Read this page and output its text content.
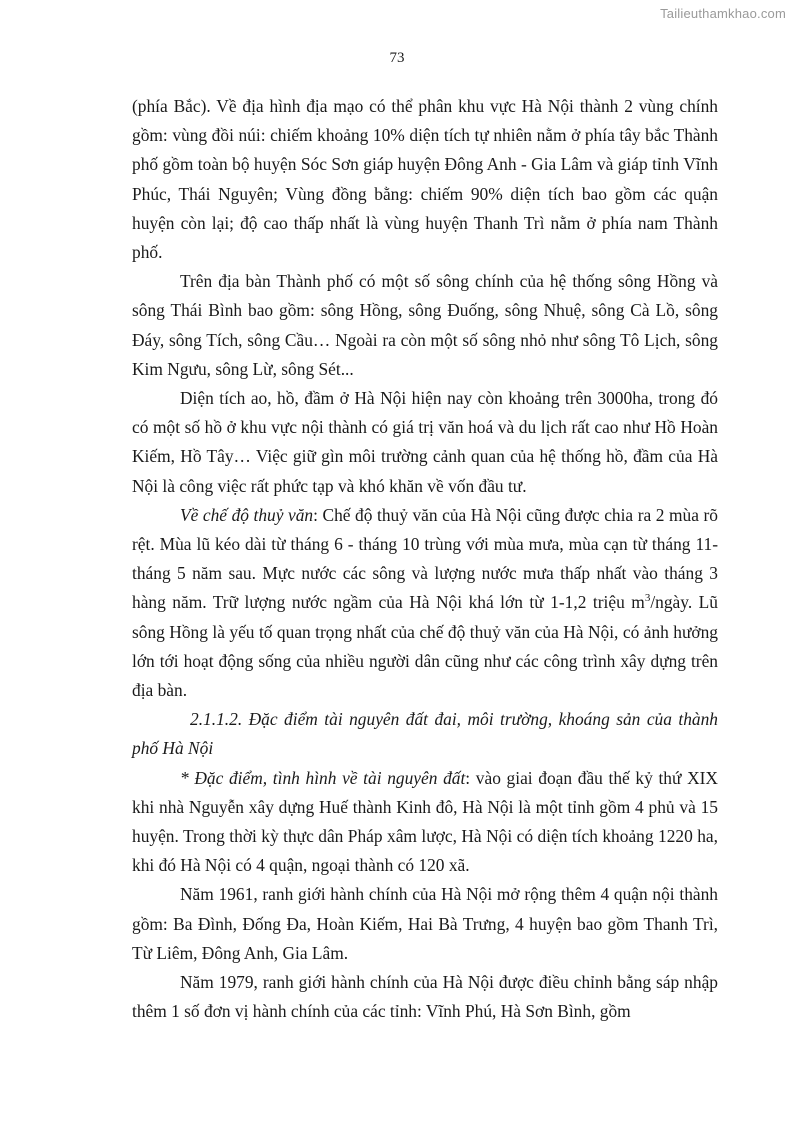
Tailieuthamkhao.com
73

(phía Bắc). Về địa hình địa mạo có thể phân khu vực Hà Nội thành 2 vùng chính gồm: vùng đồi núi: chiếm khoảng 10% diện tích tự nhiên nằm ở phía tây bắc Thành phố gồm toàn bộ huyện Sóc Sơn giáp huyện Đông Anh - Gia Lâm và giáp tỉnh Vĩnh Phúc, Thái Nguyên; Vùng đồng bằng: chiếm 90% diện tích bao gồm các quận huyện còn lại; độ cao thấp nhất là vùng huyện Thanh Trì nằm ở phía nam Thành phố.

Trên địa bàn Thành phố có một số sông chính của hệ thống sông Hồng và sông Thái Bình bao gồm: sông Hồng, sông Đuống, sông Nhuệ, sông Cà Lồ, sông Đáy, sông Tích, sông Cầu… Ngoài ra còn một số sông nhỏ như sông Tô Lịch, sông Kim Ngưu, sông Lừ, sông Sét...

Diện tích ao, hồ, đầm ở Hà Nội hiện nay còn khoảng trên 3000ha, trong đó có một số hồ ở khu vực nội thành có giá trị văn hoá và du lịch rất cao như Hồ Hoàn Kiếm, Hồ Tây… Việc giữ gìn môi trường cảnh quan của hệ thống hồ, đầm của Hà Nội là công việc rất phức tạp và khó khăn về vốn đầu tư.

Về chế độ thuỷ văn: Chế độ thuỷ văn của Hà Nội cũng được chia ra 2 mùa rõ rệt. Mùa lũ kéo dài từ tháng 6 - tháng 10 trùng với mùa mưa, mùa cạn từ tháng 11- tháng 5 năm sau. Mực nước các sông và lượng nước mưa thấp nhất vào tháng 3 hàng năm. Trữ lượng nước ngầm của Hà Nội khá lớn từ 1-1,2 triệu $m^3$/ngày. Lũ sông Hồng là yếu tố quan trọng nhất của chế độ thuỷ văn của Hà Nội, có ảnh hưởng lớn tới hoạt động sống của nhiều người dân cũng như các công trình xây dựng trên địa bàn.

2.1.1.2. Đặc điểm tài nguyên đất đai, môi trường, khoáng sản của thành phố Hà Nội

* Đặc điểm, tình hình về tài nguyên đất: vào giai đoạn đầu thế kỷ thứ XIX khi nhà Nguyễn xây dựng Huế thành Kinh đô, Hà Nội là một tỉnh gồm 4 phủ và 15 huyện. Trong thời kỳ thực dân Pháp xâm lược, Hà Nội có diện tích khoảng 1220 ha, khi đó Hà Nội có 4 quận, ngoại thành có 120 xã.

Năm 1961, ranh giới hành chính của Hà Nội mở rộng thêm 4 quận nội thành gồm: Ba Đình, Đống Đa, Hoàn Kiếm, Hai Bà Trưng, 4 huyện bao gồm Thanh Trì, Từ Liêm, Đông Anh, Gia Lâm.

Năm 1979, ranh giới hành chính của Hà Nội được điều chỉnh bằng sáp nhập thêm 1 số đơn vị hành chính của các tỉnh: Vĩnh Phú, Hà Sơn Bình, gồm
